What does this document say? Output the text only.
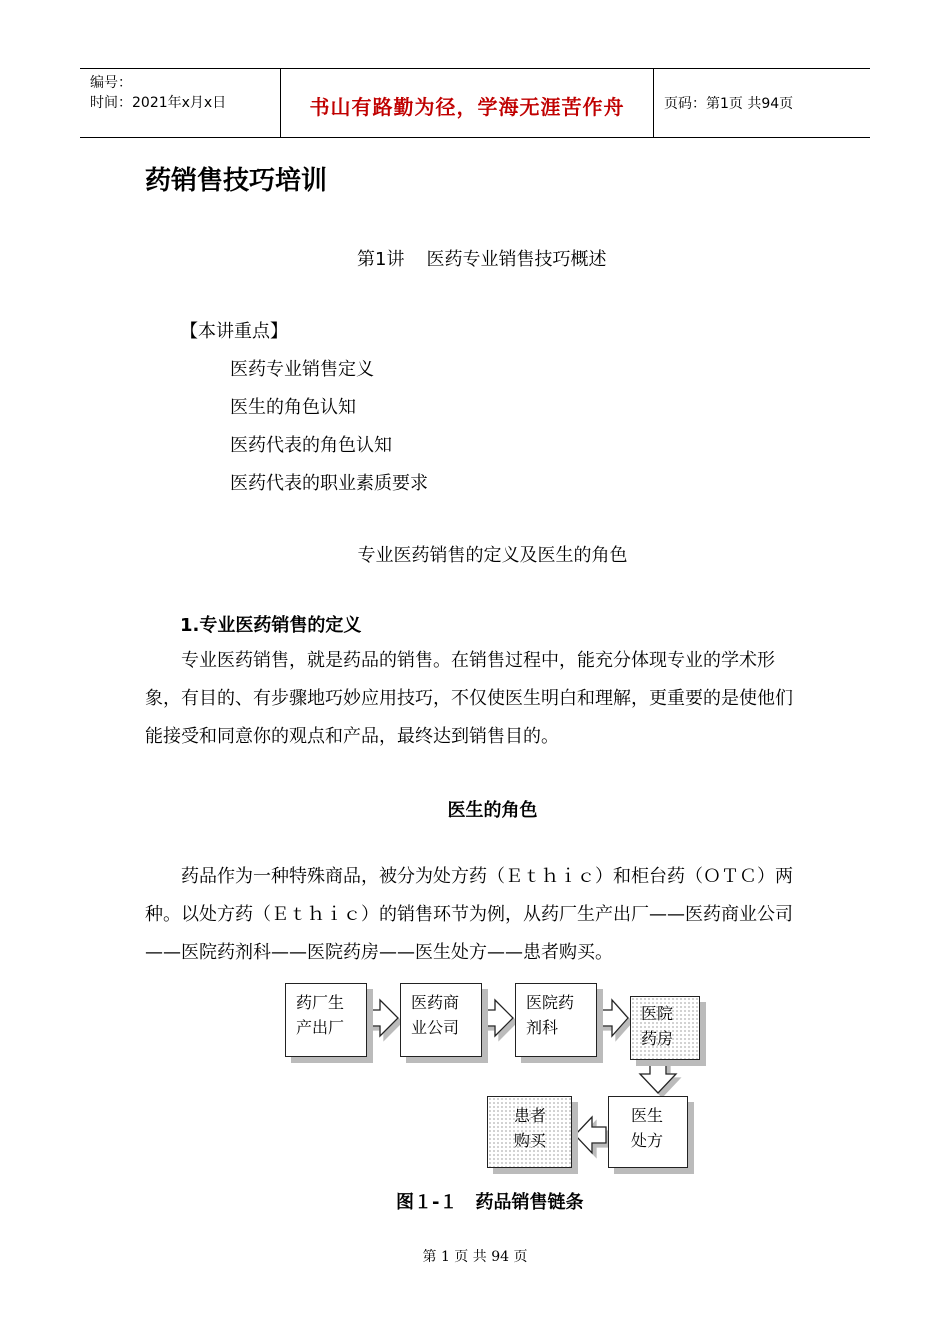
编号：
时间：2021年x月x日	书山有路勤为径，学海无涯苦作舟	页码：第1页 共94页
药销售技巧培训
第1讲 医药专业销售技巧概述
【本讲重点】
医药专业销售定义
医生的角色认知
医药代表的角色认知
医药代表的职业素质要求
专业医药销售的定义及医生的角色
1.专业医药销售的定义

专业医药销售，就是药品的销售。在销售过程中，能充分体现专业的学术形象，有目的、有步骤地巧妙应用技巧，不仅使医生明白和理解，更重要的是使他们能接受和同意你的观点和产品，最终达到销售目的。

医生的角色

药品作为一种特殊商品，被分为处方药（Ｅｔｈｉｃ）和柜台药（ＯＴＣ）两种。以处方药（Ｅｔｈｉｃ）的销售环节为例，从药厂生产出厂——医药商业公司——医院药剂科——医院药房——医生处方——患者购买。

药厂生
产出厂
医药商
业公司
医院药
剂科
医院
药房
医生
处方
患者
购买
图１-１ 药品销售链条
第 1 页 共 94 页
